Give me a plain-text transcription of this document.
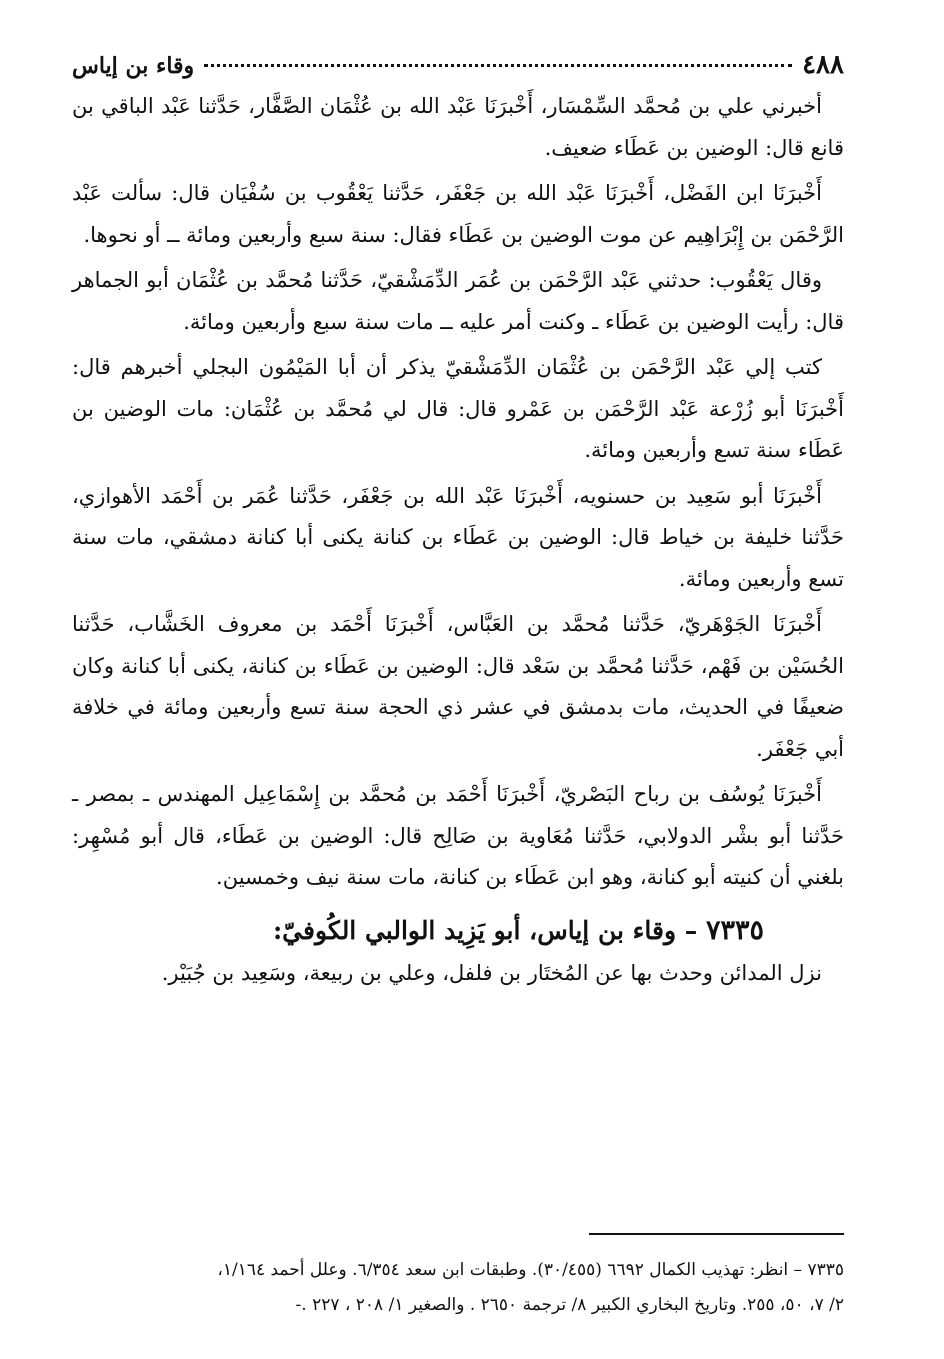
٤٨٨
وقاء بن إياس

أخبرني علي بن مُحمَّد السِّمْسَار، أَخْبرَنَا عَبْد الله بن عُثْمَان الصَّفَّار، حَدَّثنا عَبْد الباقي بن قانع قال: الوضين بن عَطَاء ضعيف.

أَخْبرَنَا ابن الفَضْل، أَخْبرَنَا عَبْد الله بن جَعْفَر، حَدَّثنا يَعْقُوب بن سُفْيَان قال: سألت عَبْد الرَّحْمَن بن إِبْرَاهِيم عن موت الوضين بن عَطَاء فقال: سنة سبع وأربعين ومائة ــ أو نحوها.

وقال يَعْقُوب: حدثني عَبْد الرَّحْمَن بن عُمَر الدِّمَشْقيّ، حَدَّثنا مُحمَّد بن عُثْمَان أبو الجماهر قال: رأيت الوضين بن عَطَاء ـ وكنت أمر عليه ــ مات سنة سبع وأربعين ومائة.

كتب إلي عَبْد الرَّحْمَن بن عُثْمَان الدِّمَشْقيّ يذكر أن أبا المَيْمُون البجلي أخبرهم قال: أَخْبرَنَا أبو زُرْعة عَبْد الرَّحْمَن بن عَمْرو قال: قال لي مُحمَّد بن عُثْمَان: مات الوضين بن عَطَاء سنة تسع وأربعين ومائة.

أَخْبرَنَا أبو سَعِيد بن حسنويه، أَخْبرَنَا عَبْد الله بن جَعْفَر، حَدَّثنا عُمَر بن أَحْمَد الأهوازي، حَدَّثنا خليفة بن خياط قال: الوضين بن عَطَاء بن كنانة يكنى أبا كنانة دمشقي، مات سنة تسع وأربعين ومائة.

أَخْبرَنَا الجَوْهَريّ، حَدَّثنا مُحمَّد بن العَبَّاس، أَخْبرَنَا أَحْمَد بن معروف الخَشَّاب، حَدَّثنا الحُسَيْن بن فَهْم، حَدَّثنا مُحمَّد بن سَعْد قال: الوضين بن عَطَاء بن كنانة، يكنى أبا كنانة وكان ضعيفًا في الحديث، مات بدمشق في عشر ذي الحجة سنة تسع وأربعين ومائة في خلافة أبي جَعْفَر.

أَخْبرَنَا يُوسُف بن رباح البَصْريّ، أَخْبرَنَا أَحْمَد بن مُحمَّد بن إِسْمَاعِيل المهندس ـ بمصر ـ حَدَّثنا أبو بشْر الدولابي، حَدَّثنا مُعَاوية بن صَالِح قال: الوضين بن عَطَاء، قال أبو مُسْهِر: بلغني أن كنيته أبو كنانة، وهو ابن عَطَاء بن كنانة، مات سنة نيف وخمسين.

٧٣٣٥ – وقاء بن إياس، أبو يَزِيد الوالبي الكُوفيّ:

نزل المدائن وحدث بها عن المُختَار بن فلفل، وعلي بن ربيعة، وسَعِيد بن جُبَيْر.

٧٣٣٥ – انظر: تهذيب الكمال ٦٦٩٢ (٣٠/٤٥٥). وطبقات ابن سعد ٦/٣٥٤. وعلل أحمد ١/١٦٤،
٢/ ٧، ٥٠، ٢٥٥. وتاريخ البخاري الكبير ٨/ ترجمة ٢٦٥٠ . والصغير ١/ ٢٠٨ ، ٢٢٧ .-
